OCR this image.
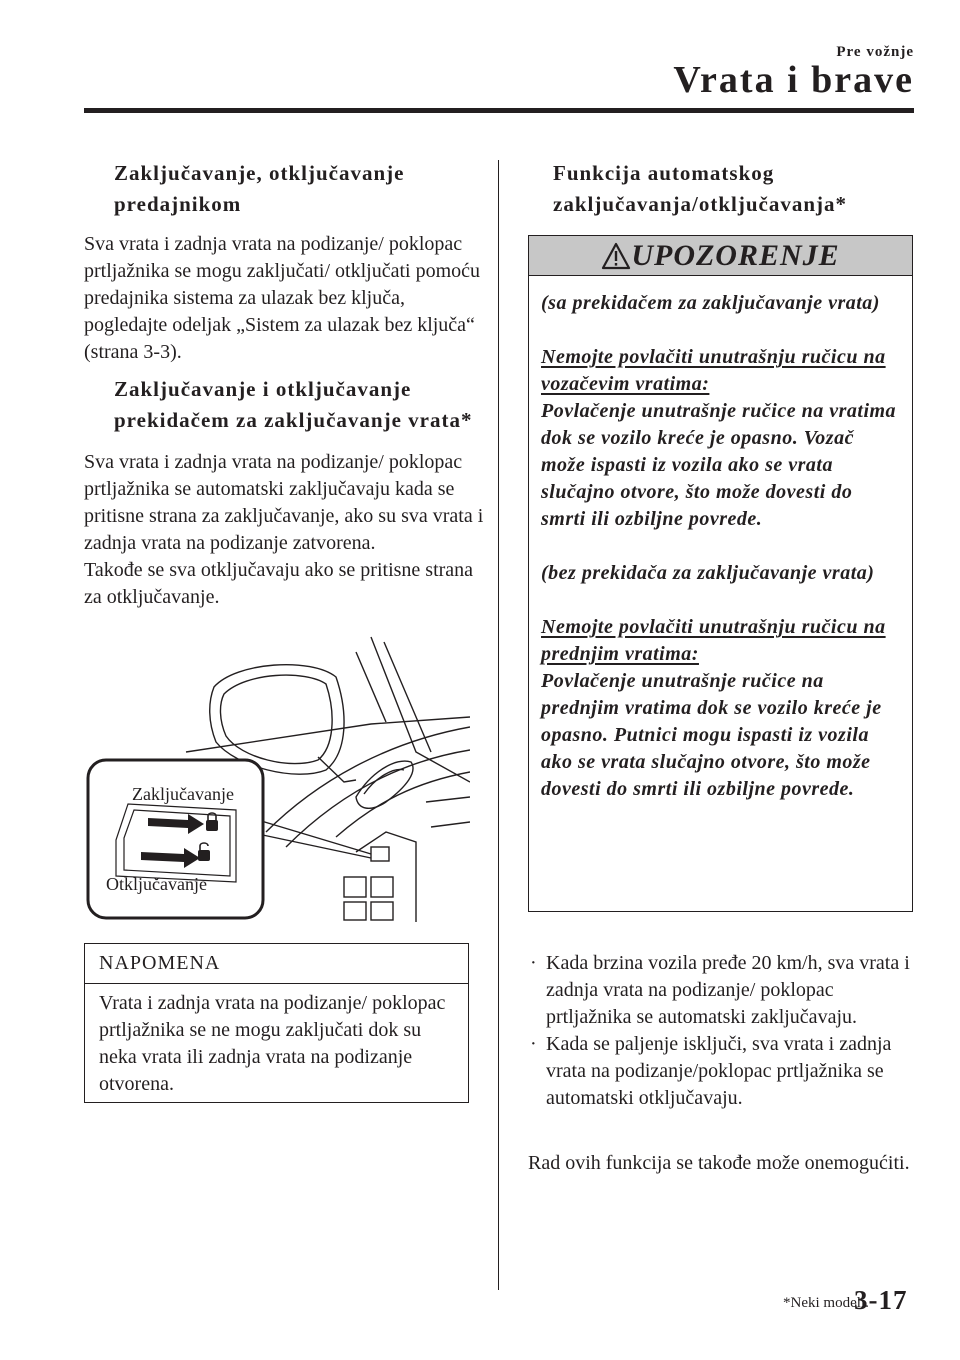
Pre vožnje
Vrata i brave
Zaključavanje, otključavanje predajnikom
Sva vrata i zadnja vrata na podizanje/ poklopac prtljažnika se mogu zaključati/ otključati pomoću predajnika sistema za ulazak bez ključa, pogledajte odeljak „Sistem za ulazak bez ključa“ (strana 3-3).
Zaključavanje i otključavanje prekidačem za zaključavanje vrata*
Sva vrata i zadnja vrata na podizanje/ poklopac prtljažnika se automatski zaključavaju kada se pritisne strana za zaključavanje, ako su sva vrata i zadnja vrata na podizanje zatvorena.
Takođe se sva otključavaju ako se pritisne strana za otključavanje.
Zaključavanje
Otključavanje
NAPOMENA
Vrata i zadnja vrata na podizanje/ poklopac prtljažnika se ne mogu zaključati dok su neka vrata ili zadnja vrata na podizanje otvorena.
Funkcija automatskog zaključavanja/otključavanja*
UPOZORENJE

(sa prekidačem za zaključavanje vrata)

Nemojte povlačiti unutrašnju ručicu na vozačevim vratima:

Povlačenje unutrašnje ručice na vratima dok se vozilo kreće je opasno. Vozač može ispasti iz vozila ako se vrata slučajno otvore, što može dovesti do smrti ili ozbiljne povrede.

(bez prekidača za zaključavanje vrata)

Nemojte povlačiti unutrašnju ručicu na prednjim vratima:

Povlačenje unutrašnje ručice na prednjim vratima dok se vozilo kreće je opasno. Putnici mogu ispasti iz vozila ako se vrata slučajno otvore, što može dovesti do smrti ili ozbiljne povrede.

· Kada brzina vozila pređe 20 km/h, sva vrata i zadnja vrata na podizanje/ poklopac prtljažnika se automatski zaključavaju.
· Kada se paljenje isključi, sva vrata i zadnja vrata na podizanje/poklopac prtljažnika se automatski otključavaju.
Rad ovih funkcija se takođe može onemogućiti.
*Neki modeli.
3-17
